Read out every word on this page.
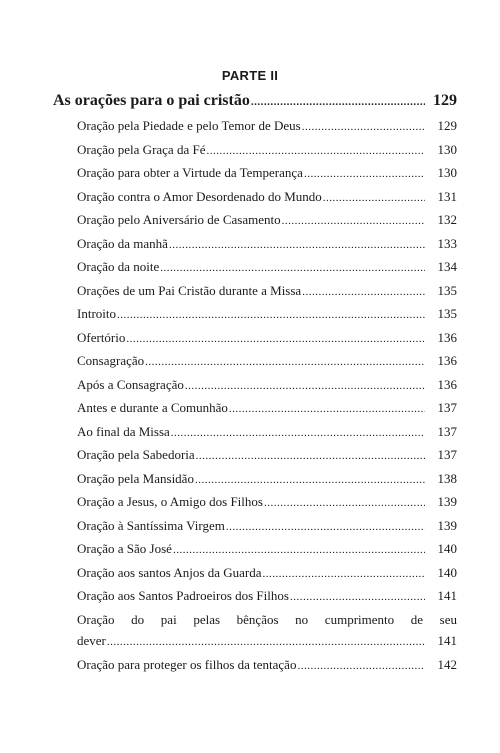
PARTE II
As orações para o pai cristão .....	129
Oração pela Piedade e pelo Temor de Deus .....	129
Oração pela Graça da Fé .....	130
Oração para obter a Virtude da Temperança .....	130
Oração contra o Amor Desordenado do Mundo .....	131
Oração pelo Aniversário de Casamento .....	132
Oração da manhã .....	133
Oração da noite .....	134
Orações de um Pai Cristão durante a Missa .....	135
Introito .....	135
Ofertório .....	136
Consagração .....	136
Após a Consagração .....	136
Antes e durante a Comunhão .....	137
Ao final da Missa .....	137
Oração pela Sabedoria .....	137
Oração pela Mansidão .....	138
Oração a Jesus, o Amigo dos Filhos .....	139
Oração à Santíssima Virgem .....	139
Oração a São José .....	140
Oração aos santos Anjos da Guarda .....	140
Oração aos Santos Padroeiros dos Filhos .....	141
Oração do pai pelas bênçãos no cumprimento de seu
dever .....	141
Oração para proteger os filhos da tentação .....	142
